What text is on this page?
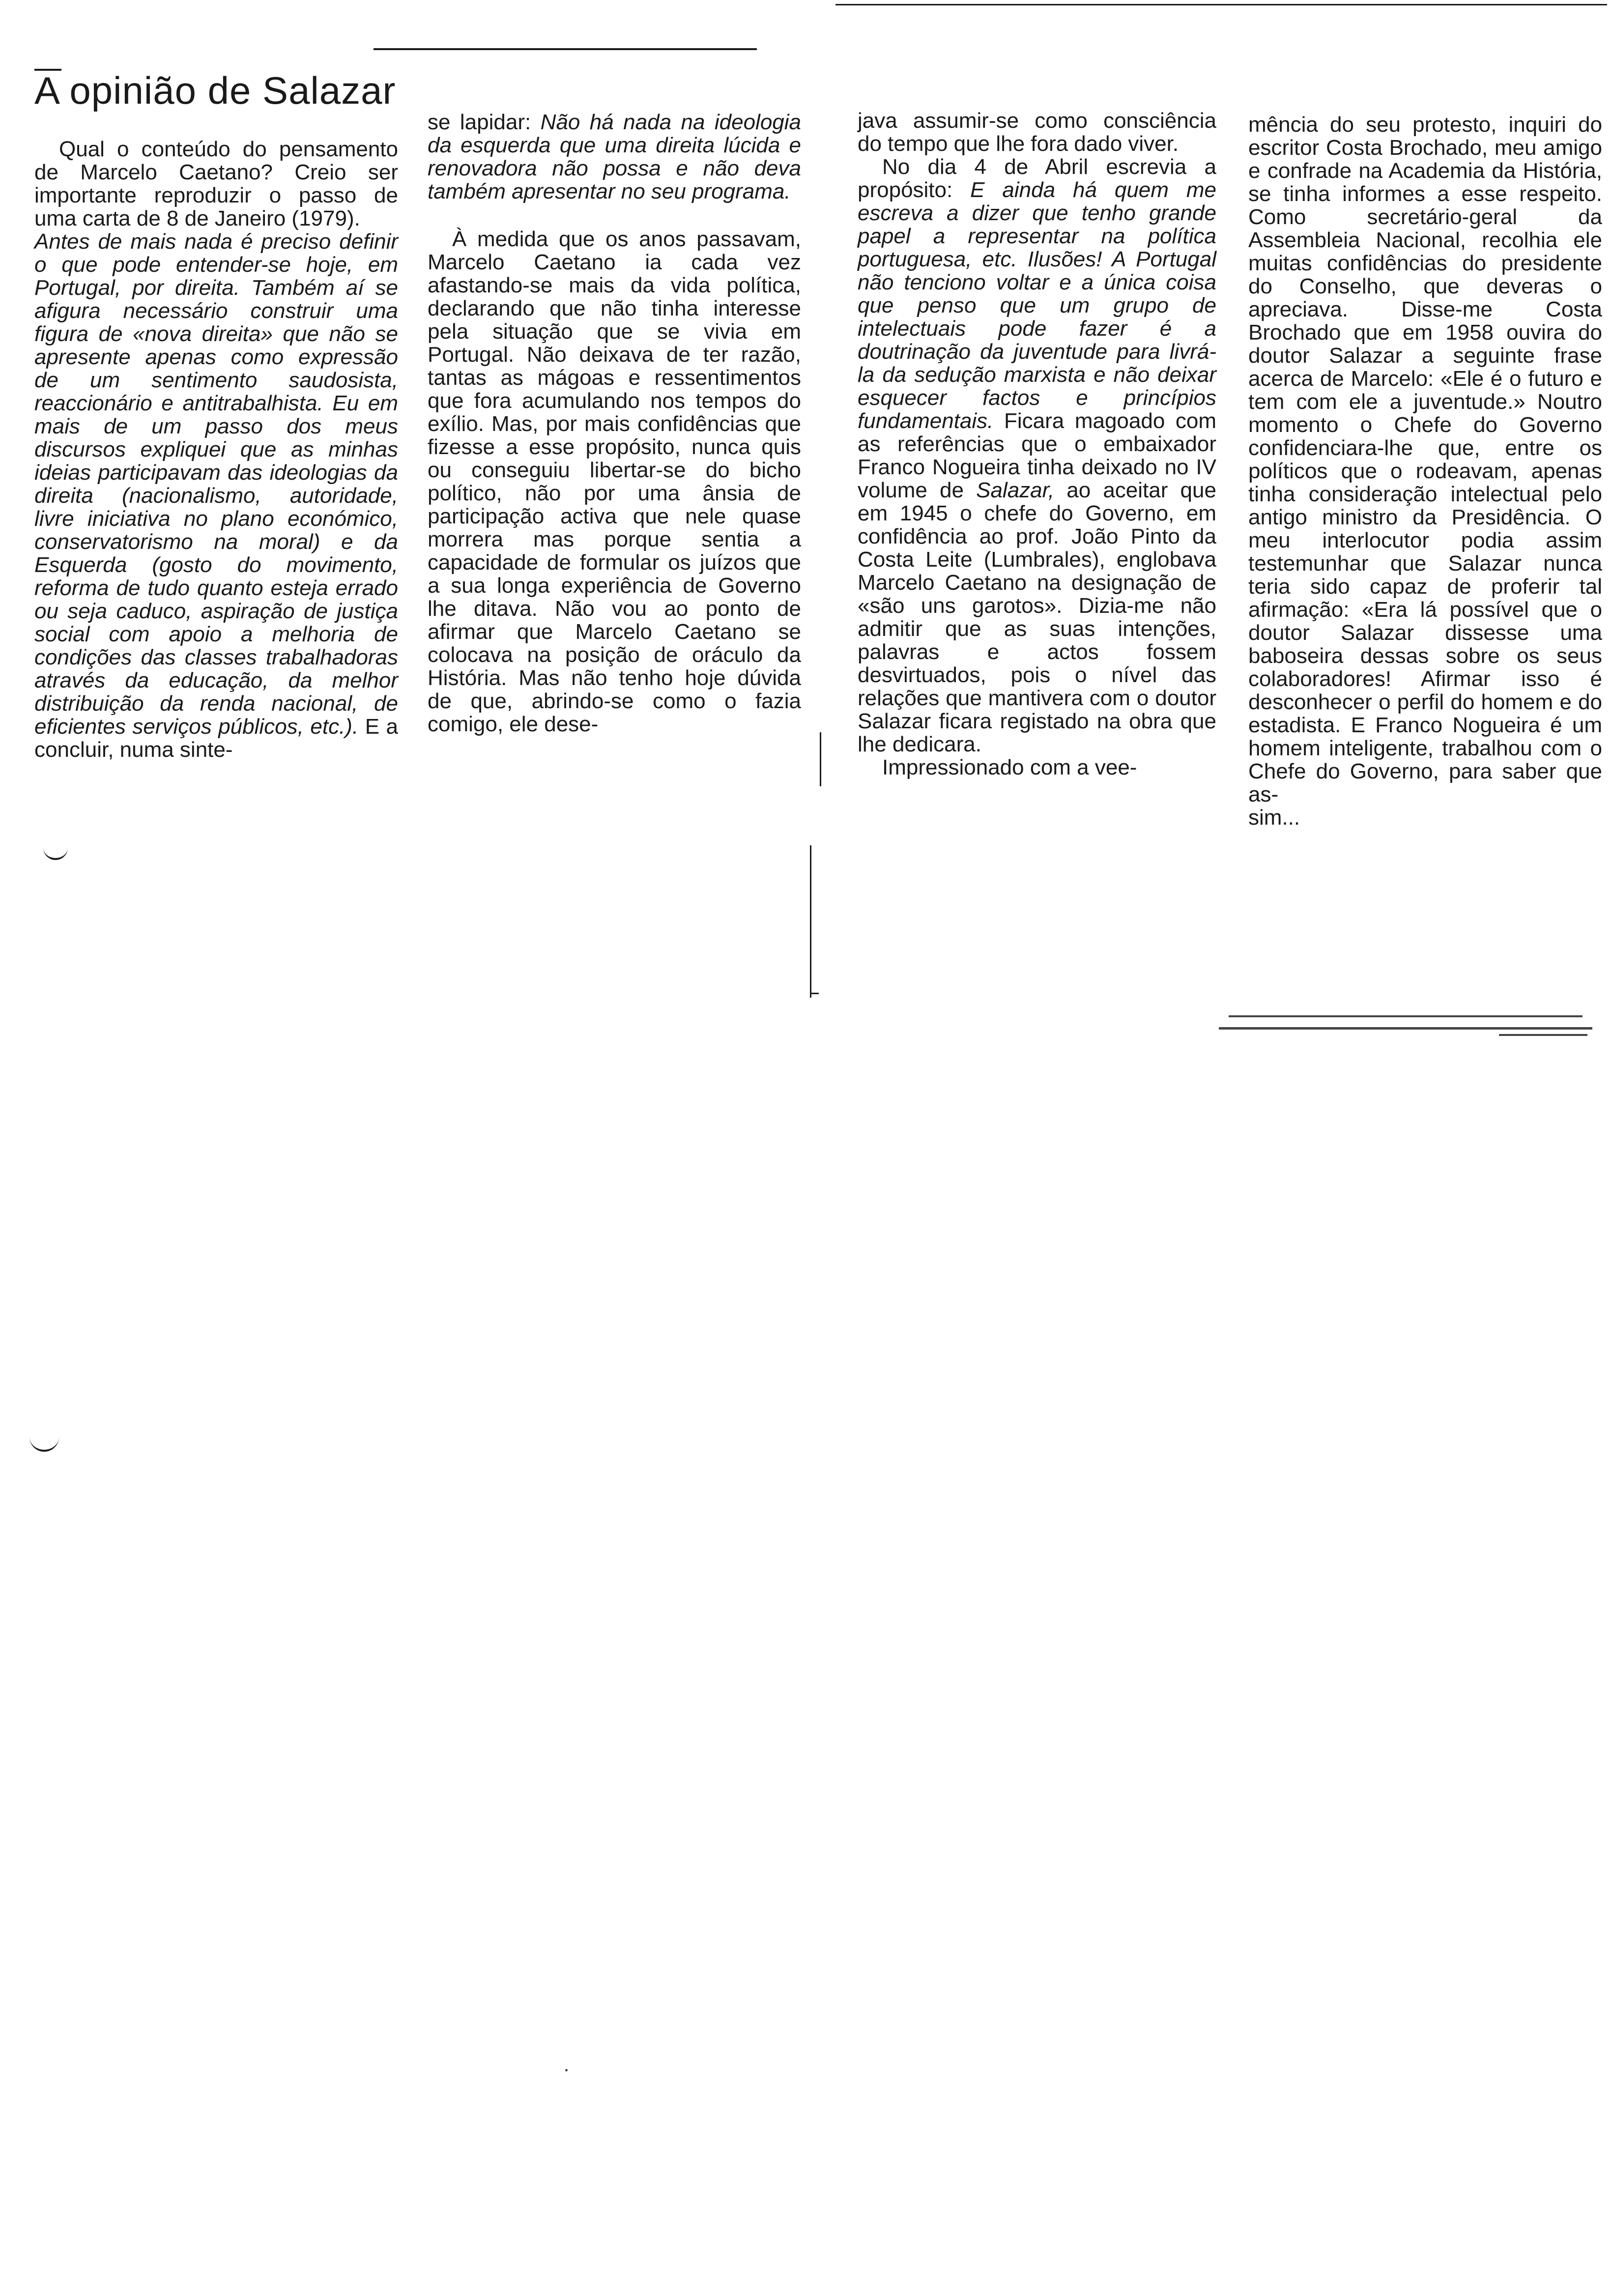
A opinião de Salazar

Qual o conteúdo do pensamento de Marcelo Caetano? Creio ser importante reproduzir o passo de uma carta de 8 de Janeiro (1979).

Antes de mais nada é preciso definir o que pode entender-se hoje, em Portugal, por direita. Também aí se afigura necessário construir uma figura de «nova direita» que não se apresente apenas como expressão de um sentimento saudosista, reaccionário e antitrabalhista. Eu em mais de um passo dos meus discursos expliquei que as minhas ideias participavam das ideologias da direita (nacionalismo, autoridade, livre iniciativa no plano económico, conservatorismo na moral) e da Esquerda (gosto do movimento, reforma de tudo quanto esteja errado ou seja caduco, aspiração de justiça social com apoio a melhoria de condições das classes trabalhadoras através da educação, da melhor distribuição da renda nacional, de eficientes serviços públicos, etc.). E a concluir, numa sinte-

se lapidar: Não há nada na ideologia da esquerda que uma direita lúcida e renovadora não possa e não deva também apresentar no seu programa.

À medida que os anos passavam, Marcelo Caetano ia cada vez afastando-se mais da vida política, declarando que não tinha interesse pela situação que se vivia em Portugal. Não deixava de ter razão, tantas as mágoas e ressentimentos que fora acumulando nos tempos do exílio. Mas, por mais confidências que fizesse a esse propósito, nunca quis ou conseguiu libertar-se do bicho político, não por uma ânsia de participação activa que nele quase morrera mas porque sentia a capacidade de formular os juízos que a sua longa experiência de Governo lhe ditava. Não vou ao ponto de afirmar que Marcelo Caetano se colocava na posição de oráculo da História. Mas não tenho hoje dúvida de que, abrindo-se como o fazia comigo, ele dese-

java assumir-se como consciência do tempo que lhe fora dado viver.

No dia 4 de Abril escrevia a propósito: E ainda há quem me escreva a dizer que tenho grande papel a representar na política portuguesa, etc. Ilusões! A Portugal não tenciono voltar e a única coisa que penso que um grupo de intelectuais pode fazer é a doutrinação da juventude para livrá-la da sedução marxista e não deixar esquecer factos e princípios fundamentais. Ficara magoado com as referências que o embaixador Franco Nogueira tinha deixado no IV volume de Salazar, ao aceitar que em 1945 o chefe do Governo, em confidência ao prof. João Pinto da Costa Leite (Lumbrales), englobava Marcelo Caetano na designação de «são uns garotos». Dizia-me não admitir que as suas intenções, palavras e actos fossem desvirtuados, pois o nível das relações que mantivera com o doutor Salazar ficara registado na obra que lhe dedicara.

Impressionado com a vee-

mência do seu protesto, inquiri do escritor Costa Brochado, meu amigo e confrade na Academia da História, se tinha informes a esse respeito. Como secretário-geral da Assembleia Nacional, recolhia ele muitas confidências do presidente do Conselho, que deveras o apreciava. Disse-me Costa Brochado que em 1958 ouvira do doutor Salazar a seguinte frase acerca de Marcelo: «Ele é o futuro e tem com ele a juventude.» Noutro momento o Chefe do Governo confidenciara-lhe que, entre os políticos que o rodeavam, apenas tinha consideração intelectual pelo antigo ministro da Presidência. O meu interlocutor podia assim testemunhar que Salazar nunca teria sido capaz de proferir tal afirmação: «Era lá possível que o doutor Salazar dissesse uma baboseira dessas sobre os seus colaboradores! Afirmar isso é desconhecer o perfil do homem e do estadista. E Franco Nogueira é um homem inteligente, trabalhou com o Chefe do Governo, para saber que as-

sim...
